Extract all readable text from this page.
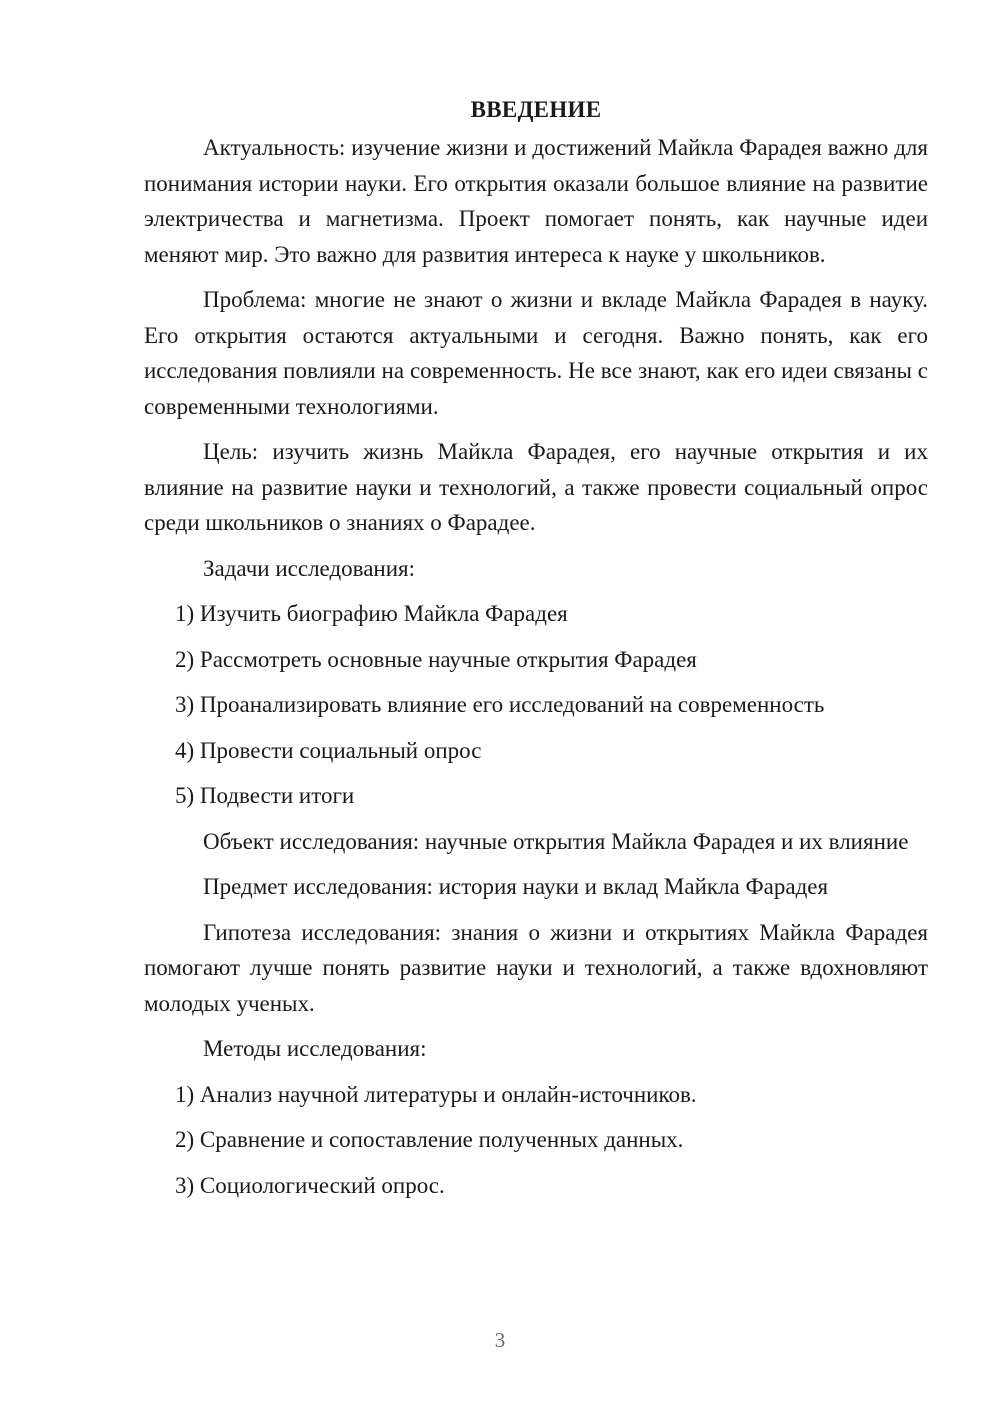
ВВЕДЕНИЕ

Актуальность: изучение жизни и достижений Майкла Фарадея важно для понимания истории науки. Его открытия оказали большое влияние на развитие электричества и магнетизма. Проект помогает понять, как научные идеи меняют мир. Это важно для развития интереса к науке у школьников.

Проблема: многие не знают о жизни и вкладе Майкла Фарадея в науку. Его открытия остаются актуальными и сегодня. Важно понять, как его исследования повлияли на современность. Не все знают, как его идеи связаны с современными технологиями.

Цель: изучить жизнь Майкла Фарадея, его научные открытия и их влияние на развитие науки и технологий, а также провести социальный опрос среди школьников о знаниях о Фарадее.

Задачи исследования:

1) Изучить биографию Майкла Фарадея
2) Рассмотреть основные научные открытия Фарадея
3) Проанализировать влияние его исследований на современность
4) Провести социальный опрос
5) Подвести итоги

Объект исследования: научные открытия Майкла Фарадея и их влияние

Предмет исследования: история науки и вклад Майкла Фарадея

Гипотеза исследования: знания о жизни и открытиях Майкла Фарадея помогают лучше понять развитие науки и технологий, а также вдохновляют молодых ученых.

Методы исследования:

1) Анализ научной литературы и онлайн-источников.
2) Сравнение и сопоставление полученных данных.
3) Социологический опрос.
3
